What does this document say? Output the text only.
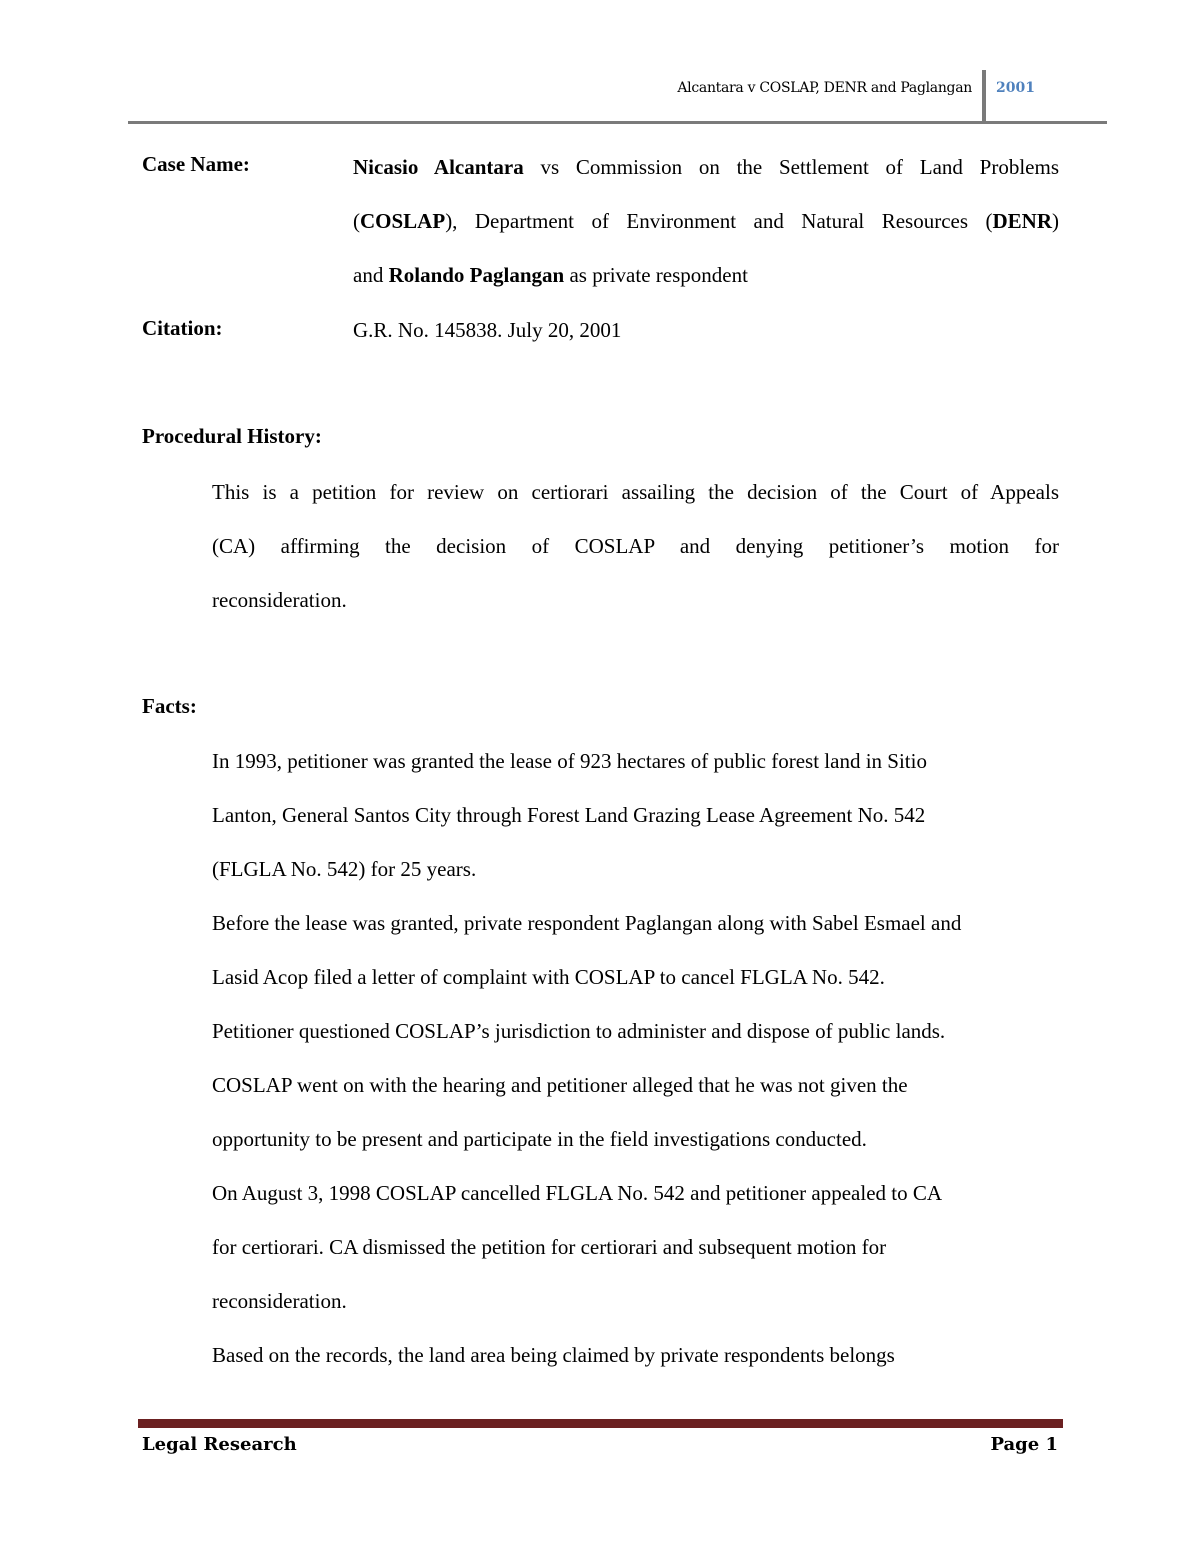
Alcantara v COSLAP, DENR and Paglangan 2001
Case Name:	Nicasio Alcantara vs Commission on the Settlement of Land Problems
(COSLAP), Department of Environment and Natural Resources (DENR)
and Rolando Paglangan as private respondent
Citation:	G.R. No. 145838. July 20, 2001
Procedural History:
This is a petition for review on certiorari assailing the decision of the Court of Appeals
(CA) affirming the decision of COSLAP and denying petitioner’s motion for
reconsideration.
Facts:
In 1993, petitioner was granted the lease of 923 hectares of public forest land in Sitio
Lanton, General Santos City through Forest Land Grazing Lease Agreement No. 542
(FLGLA No. 542) for 25 years.
Before the lease was granted, private respondent Paglangan along with Sabel Esmael and
Lasid Acop filed a letter of complaint with COSLAP to cancel FLGLA No. 542.
Petitioner questioned COSLAP’s jurisdiction to administer and dispose of public lands.
COSLAP went on with the hearing and petitioner alleged that he was not given the
opportunity to be present and participate in the field investigations conducted.
On August 3, 1998 COSLAP cancelled FLGLA No. 542 and petitioner appealed to CA
for certiorari. CA dismissed the petition for certiorari and subsequent motion for
reconsideration.
Based on the records, the land area being claimed by private respondents belongs
Legal Research	Page 1
